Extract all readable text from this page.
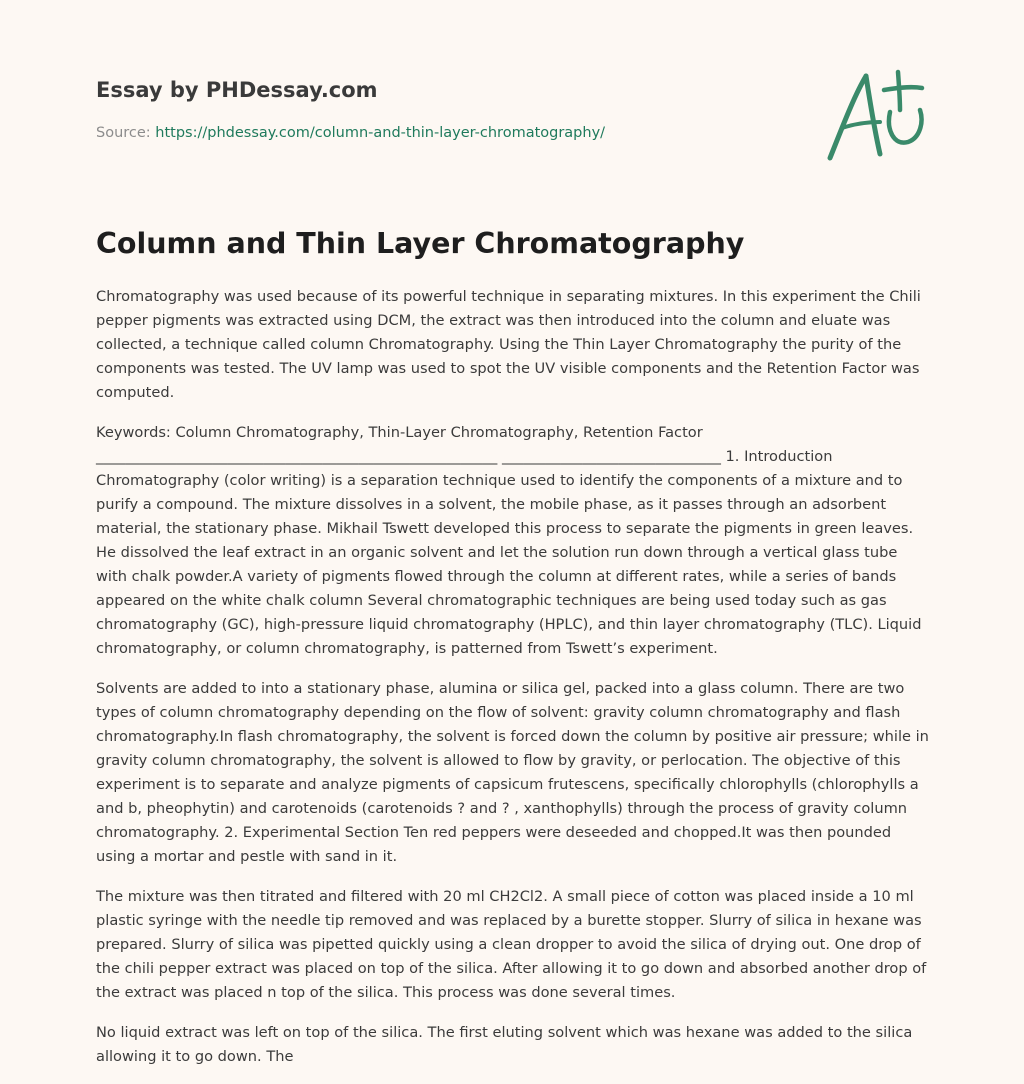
Essay by PHDessay.com
Source: https://phdessay.com/column-and-thin-layer-chromatography/
Column and Thin Layer Chromatography

Chromatography was used because of its powerful technique in separating mixtures. In this experiment the Chili pepper pigments was extracted using DCM, the extract was then introduced into the column and eluate was collected, a technique called column Chromatography. Using the Thin Layer Chromatography the purity of the components was tested. The UV lamp was used to spot the UV visible components and the Retention Factor was computed.

Keywords: Column Chromatography, Thin-Layer Chromatography, Retention Factor _______________________________________________________ ______________________________ 1. Introduction Chromatography (color writing) is a separation technique used to identify the components of a mixture and to purify a compound. The mixture dissolves in a solvent, the mobile phase, as it passes through an adsorbent material, the stationary phase. Mikhail Tswett developed this process to separate the pigments in green leaves. He dissolved the leaf extract in an organic solvent and let the solution run down through a vertical glass tube with chalk powder.A variety of pigments flowed through the column at different rates, while a series of bands appeared on the white chalk column Several chromatographic techniques are being used today such as gas chromatography (GC), high-pressure liquid chromatography (HPLC), and thin layer chromatography (TLC). Liquid chromatography, or column chromatography, is patterned from Tswett’s experiment.

Solvents are added to into a stationary phase, alumina or silica gel, packed into a glass column. There are two types of column chromatography depending on the flow of solvent: gravity column chromatography and flash chromatography.In flash chromatography, the solvent is forced down the column by positive air pressure; while in gravity column chromatography, the solvent is allowed to flow by gravity, or perlocation. The objective of this experiment is to separate and analyze pigments of capsicum frutescens, specifically chlorophylls (chlorophylls a and b, pheophytin) and carotenoids (carotenoids ? and ? , xanthophylls) through the process of gravity column chromatography. 2. Experimental Section Ten red peppers were deseeded and chopped.It was then pounded using a mortar and pestle with sand in it.

The mixture was then titrated and filtered with 20 ml CH2Cl2. A small piece of cotton was placed inside a 10 ml plastic syringe with the needle tip removed and was replaced by a burette stopper. Slurry of silica in hexane was prepared. Slurry of silica was pipetted quickly using a clean dropper to avoid the silica of drying out. One drop of the chili pepper extract was placed on top of the silica. After allowing it to go down and absorbed another drop of the extract was placed n top of the silica. This process was done several times.

No liquid extract was left on top of the silica. The first eluting solvent which was hexane was added to the silica allowing it to go down. The
